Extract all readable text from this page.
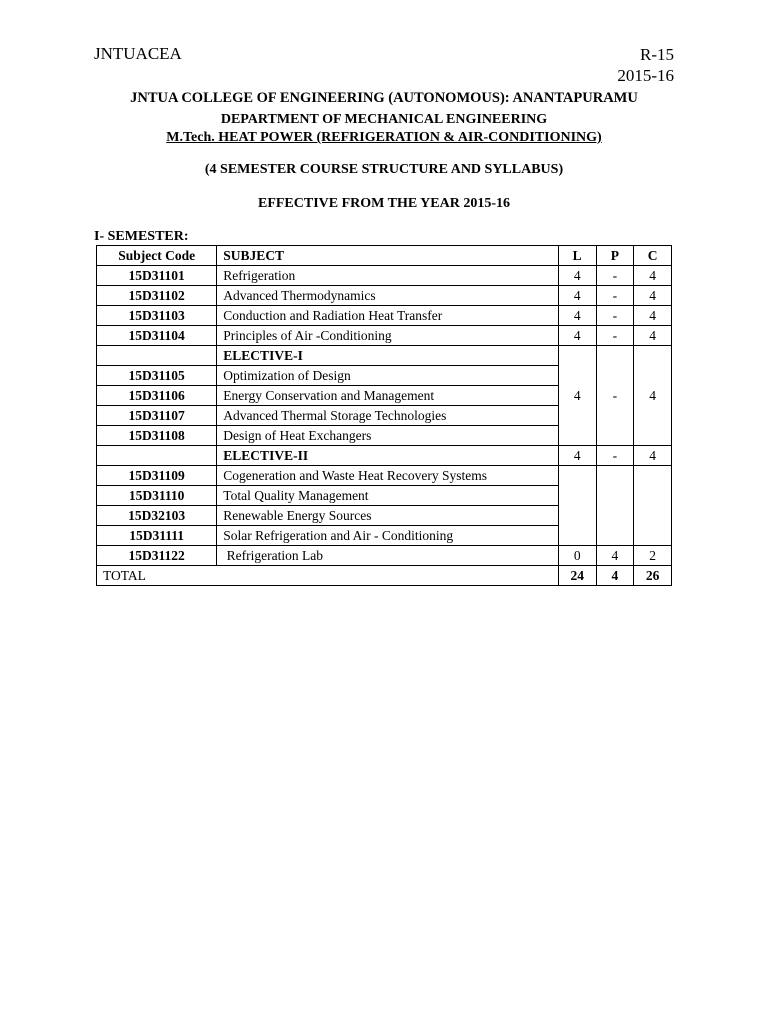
JNTUACEA	R-15
2015-16
JNTUA COLLEGE OF ENGINEERING (AUTONOMOUS): ANANTAPURAMU
DEPARTMENT OF MECHANICAL ENGINEERING
M.Tech. HEAT POWER (REFRIGERATION & AIR-CONDITIONING)
(4 SEMESTER COURSE STRUCTURE AND SYLLABUS)
EFFECTIVE FROM THE YEAR 2015-16
I- SEMESTER:
Subject Code	SUBJECT	L	P	C
15D31101	Refrigeration	4	-	4
15D31102	Advanced Thermodynamics	4	-	4
15D31103	Conduction and Radiation Heat Transfer	4	-	4
15D31104	Principles of Air -Conditioning	4	-	4
	ELECTIVE-I	4	-	4
15D31105	Optimization of Design			
15D31106	Energy Conservation and Management			
15D31107	Advanced Thermal Storage Technologies			
15D31108	Design of Heat Exchangers			
	ELECTIVE-II	4	-	4
15D31109	Cogeneration and Waste Heat Recovery Systems			
15D31110	Total Quality Management			
15D32103	Renewable Energy Sources			
15D31111	Solar Refrigeration and Air - Conditioning			
15D31122	Refrigeration Lab	0	4	2
TOTAL		24	4	26
